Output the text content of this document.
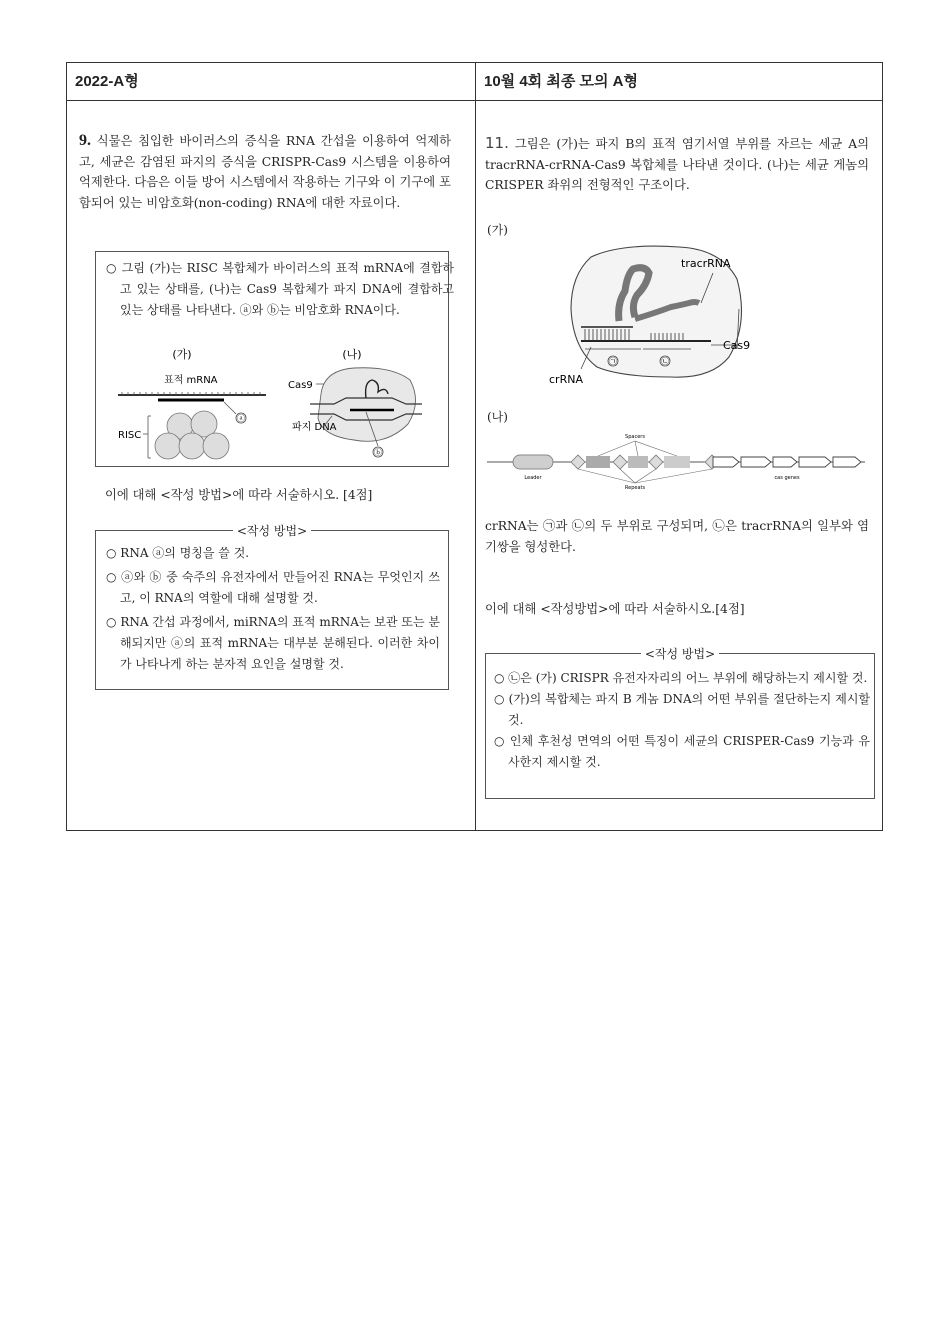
2022-A형	10월 4회 최종 모의 A형
9. 식물은 침입한 바이러스의 증식을 RNA 간섭을 이용하여 억제하고, 세균은 감염된 파지의 증식을 CRISPR-Cas9 시스템을 이용하여 억제한다. 다음은 이들 방어 시스템에서 작용하는 기구와 이 기구에 포함되어 있는 비암호화(non-coding) RNA에 대한 자료이다.
○ 그림 (가)는 RISC 복합체가 바이러스의 표적 mRNA에 결합하고 있는 상태를, (나)는 Cas9 복합체가 파지 DNA에 결합하고 있는 상태를 나타낸다. ⓐ와 ⓑ는 비암호화 RNA이다.
(가)
표적 mRNA
ⓐ
RISC
(나)
Cas9
파지 DNA
ⓑ
이에 대해 <작성 방법>에 따라 서술하시오. [4점]
<작성 방법>
○ RNA ⓐ의 명칭을 쓸 것.
○ ⓐ와 ⓑ 중 숙주의 유전자에서 만들어진 RNA는 무엇인지 쓰고, 이 RNA의 역할에 대해 설명할 것.
○ RNA 간섭 과정에서, miRNA의 표적 mRNA는 보관 또는 분해되지만 ⓐ의 표적 mRNA는 대부분 분해된다. 이러한 차이가 나타나게 하는 분자적 요인을 설명할 것.
11. 그림은 (가)는 파지 B의 표적 염기서열 부위를 자르는 세균 A의 tracrRNA-crRNA-Cas9 복합체를 나타낸 것이다. (나)는 세균 게놈의 CRISPER 좌위의 전형적인 구조이다.
(가)
tracrRNA
Cas9
crRNA
㉠	㉡
(나)
Leader
Spacers
Repeats
cas genes
crRNA는 ㉠과 ㉡의 두 부위로 구성되며, ㉡은 tracrRNA의 일부와 염기쌍을 형성한다.
이에 대해 <작성방법>에 따라 서술하시오.[4점]
<작성 방법>
○ ㉡은 (가) CRISPR 유전자자리의 어느 부위에 해당하는지 제시할 것.
○ (가)의 복합체는 파지 B 게놈 DNA의 어떤 부위를 절단하는지 제시할 것.
○ 인체 후천성 면역의 어떤 특징이 세균의 CRISPER-Cas9 기능과 유사한지 제시할 것.
